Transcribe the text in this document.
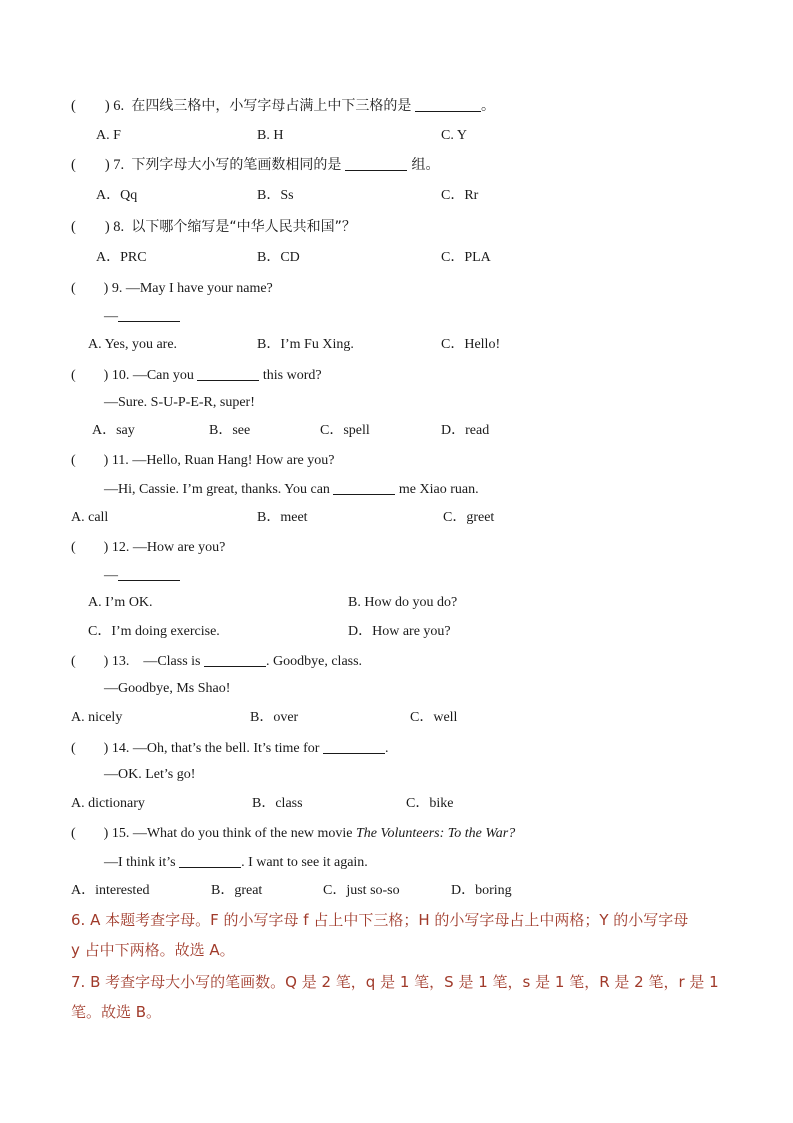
(        ) 6.  在四线三格中，小写字母占满上中下三格的是	。
A. F	B. H	C. Y
(        ) 7.  下列字母大小写的笔画数相同的是	组。
A．Qq	B．Ss	C．Rr
(        ) 8.  以下哪个缩写是“中华人民共和国”？
A．PRC	B．CD	C．PLA
(        ) 9. —May I have your name?
—
A. Yes, you are.	B．I’m Fu Xing.	C．Hello!
(        ) 10. —Can you	this word?
—Sure. S-U-P-E-R, super!
A．say	B．see	C．spell	D．read
(        ) 11. —Hello, Ruan Hang! How are you?
—Hi, Cassie. I’m great, thanks. You can	me Xiao ruan.
A. call	B．meet	C．greet
(        ) 12. —How are you?
—
A. I’m OK.	B. How do you do?
C．I’m doing exercise.	D．How are you?
(        ) 13.    —Class is	. Goodbye, class.
—Goodbye, Ms Shao!
A. nicely	B．over	C．well
(        ) 14. —Oh, that’s the bell. It’s time for	.
—OK. Let’s go!
A. dictionary	B．class	C．bike
(        ) 15. —What do you think of the new movie The Volunteers: To the War?
—I think it’s	. I want to see it again.
A．interested	B．great	C．just so-so	D．boring
6. A 本题考查字母。F 的小写字母 f 占上中下三格；H 的小写字母占上中两格；Y 的小写字母
y 占中下两格。故选 A。
7. B 考查字母大小写的笔画数。Q 是 2 笔，q 是 1 笔，S 是 1 笔，s 是 1 笔，R 是 2 笔，r 是 1
笔。故选 B。
